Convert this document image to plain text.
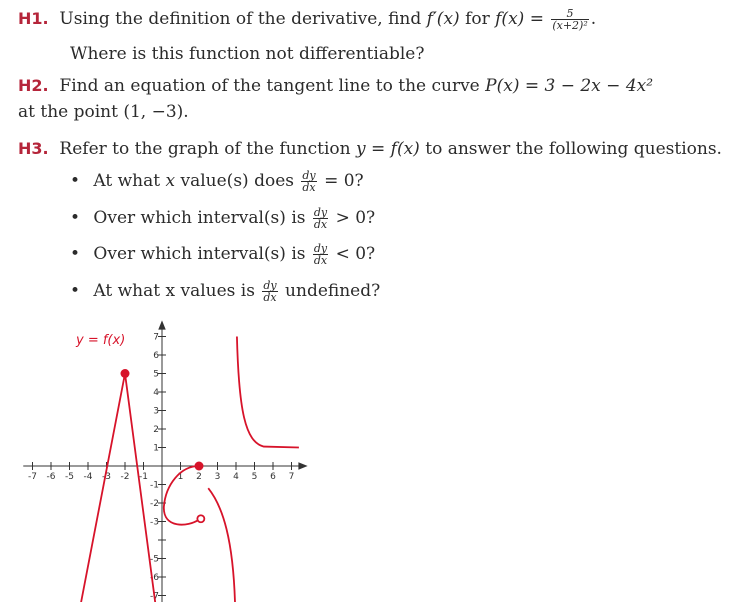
H1. Using the definition of the derivative, find f′(x) for $f(x) = \frac{5}{\text{(x+2)²}}$ .
Where is this function not differentiable?
H2. Find an equation of the tangent line to the curve P(x) = 3 − 2x − 4x²
at the point (1, −3).
H3. Refer to the graph of the function y = f(x) to answer the following questions.
• At what x value(s) does $\frac{dy}{dx} = 0$?
• Over which interval(s) is $\frac{dy}{dx} > 0$?
• Over which interval(s) is $\frac{dy}{dx} < 0$?
• At what x values is $\frac{dy}{dx}$ undefined?
y = f(x)
-7 -6 -5 -4 -3 -2 -1	1 2 3 4 5 6 7
7
6
5
4
3
2
1
-1
-2
-3
-5
-6
-7
